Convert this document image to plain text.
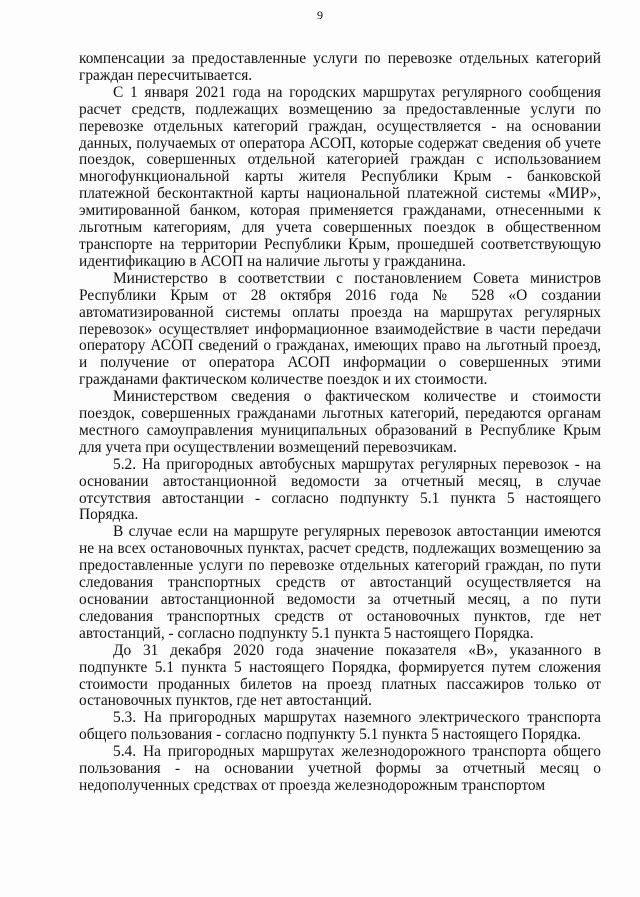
9

компенсации за предоставленные услуги по перевозке отдельных категорий граждан пересчитывается.

С 1 января 2021 года на городских маршрутах регулярного сообщения расчет средств, подлежащих возмещению за предоставленные услуги по перевозке отдельных категорий граждан, осуществляется - на основании данных, получаемых от оператора АСОП, которые содержат сведения об учете поездок, совершенных отдельной категорией граждан с использованием многофункциональной карты жителя Республики Крым - банковской платежной бесконтактной карты национальной платежной системы «МИР», эмитированной банком, которая применяется гражданами, отнесенными к льготным категориям, для учета совершенных поездок в общественном транспорте на территории Республики Крым, прошедшей соответствующую идентификацию в АСОП на наличие льготы у гражданина.

Министерство в соответствии с постановлением Совета министров Республики Крым от 28 октября 2016 года № 528 «О создании автоматизированной системы оплаты проезда на маршрутах регулярных перевозок» осуществляет информационное взаимодействие в части передачи оператору АСОП сведений о гражданах, имеющих право на льготный проезд, и получение от оператора АСОП информации о совершенных этими гражданами фактическом количестве поездок и их стоимости.

Министерством сведения о фактическом количестве и стоимости поездок, совершенных гражданами льготных категорий, передаются органам местного самоуправления муниципальных образований в Республике Крым для учета при осуществлении возмещений перевозчикам.

5.2. На пригородных автобусных маршрутах регулярных перевозок - на основании автостанционной ведомости за отчетный месяц, в случае отсутствия автостанции - согласно подпункту 5.1 пункта 5 настоящего Порядка.

В случае если на маршруте регулярных перевозок автостанции имеются не на всех остановочных пунктах, расчет средств, подлежащих возмещению за предоставленные услуги по перевозке отдельных категорий граждан, по пути следования транспортных средств от автостанций осуществляется на основании автостанционной ведомости за отчетный месяц, а по пути следования транспортных средств от остановочных пунктов, где нет автостанций, - согласно подпункту 5.1 пункта 5 настоящего Порядка.

До 31 декабря 2020 года значение показателя «В», указанного в подпункте 5.1 пункта 5 настоящего Порядка, формируется путем сложения стоимости проданных билетов на проезд платных пассажиров только от остановочных пунктов, где нет автостанций.

5.3. На пригородных маршрутах наземного электрического транспорта общего пользования - согласно подпункту 5.1 пункта 5 настоящего Порядка.

5.4. На пригородных маршрутах железнодорожного транспорта общего пользования - на основании учетной формы за отчетный месяц о недополученных средствах от проезда железнодорожным транспортом
